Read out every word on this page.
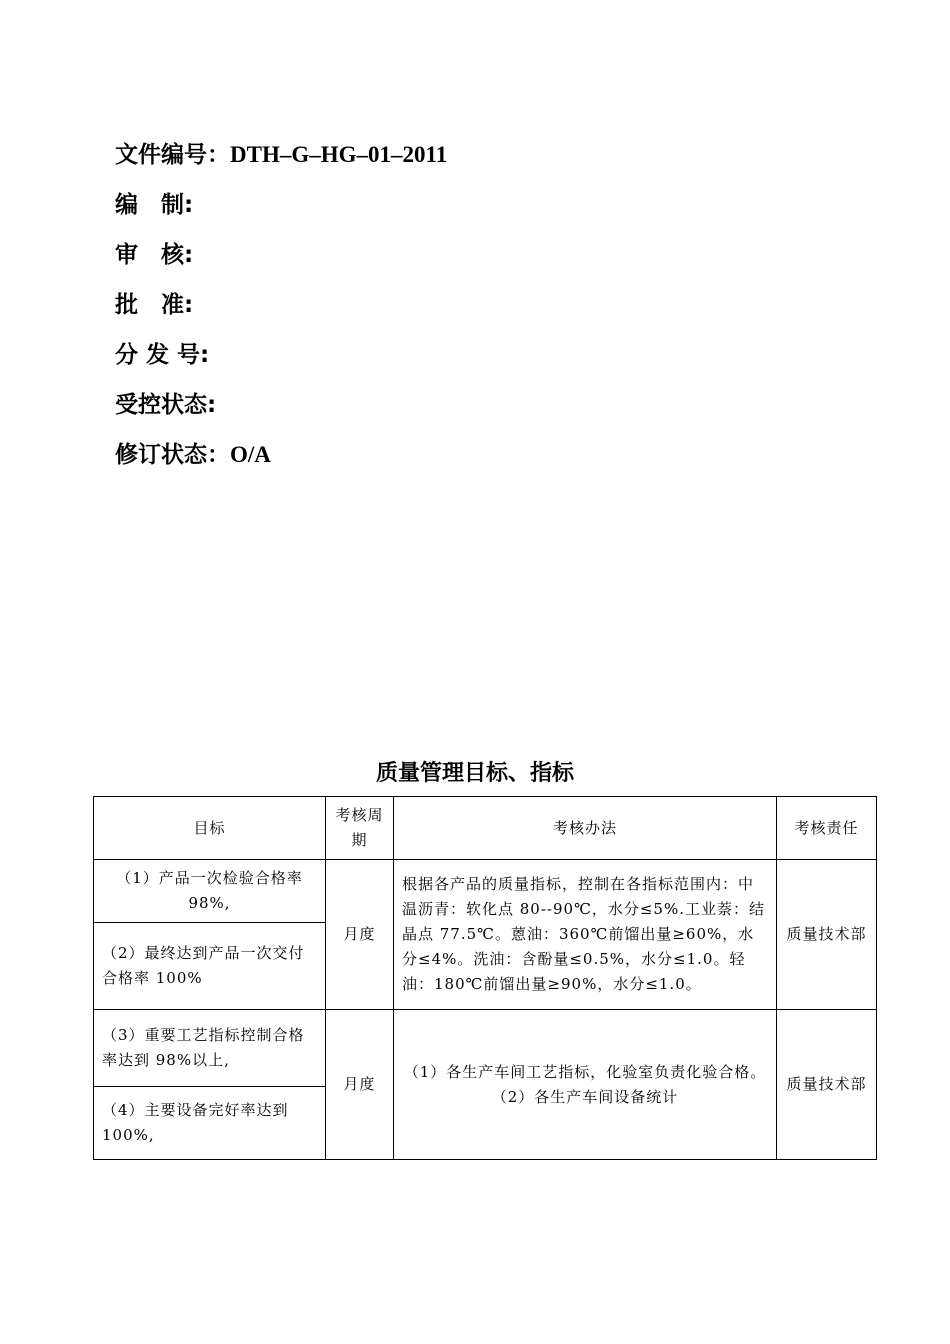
文件编号：DTH–G–HG–01–2011
编　制:
审　核:
批　准:
分 发 号:
受控状态:
修订状态：O/A
质量管理目标、指标
目标	考核周期	考核办法	考核责任
（1）产品一次检验合格率 98%,	月度	根据各产品的质量指标，控制在各指标范围内：中温沥青：软化点 80--90℃，水分≤5%.工业萘：结晶点 77.5℃。蒽油：360℃前馏出量≥60%，水分≤4%。洗油：含酚量≤0.5%，水分≤1.0。轻油：180℃前馏出量≥90%，水分≤1.0。	质量技术部
（2）最终达到产品一次交付合格率 100%			
（3）重要工艺指标控制合格率达到 98%以上,	月度	（1）各生产车间工艺指标，化验室负责化验合格。（2）各生产车间设备统计	质量技术部
（4）主要设备完好率达到 100%,			
